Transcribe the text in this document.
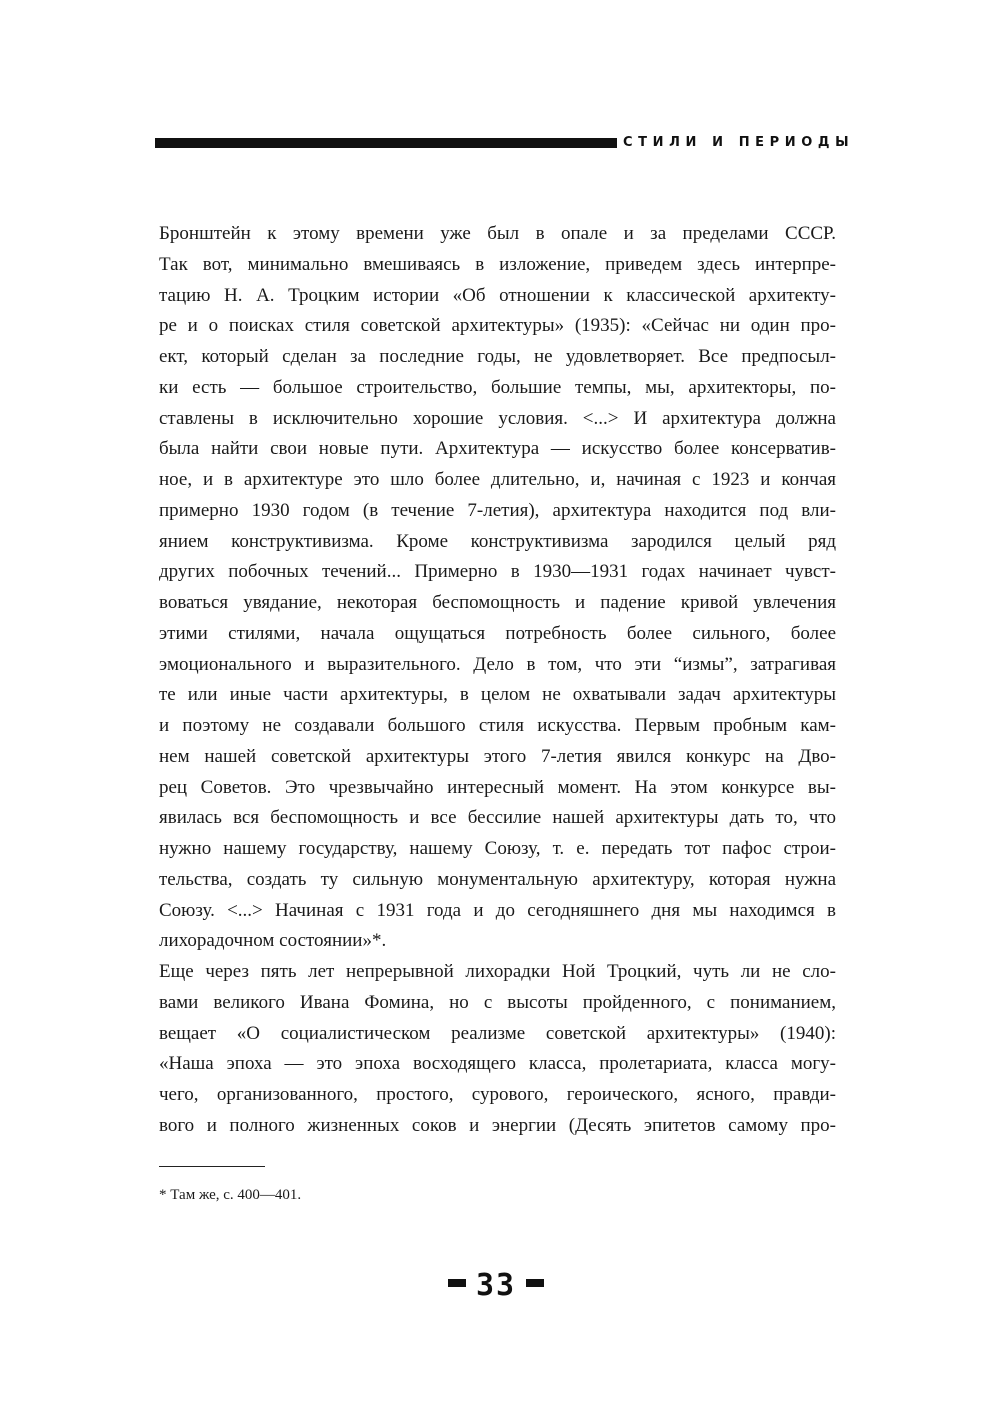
СТИЛИ И ПЕРИОДЫ
Бронштейн к этому времени уже был в опале и за пределами СССР.
Так вот, минимально вмешиваясь в изложение, приведем здесь интерпре-
тацию Н. А. Троцким истории «Об отношении к классической архитекту-
ре и о поисках стиля советской архитектуры» (1935): «Сейчас ни один про-
ект, который сделан за последние годы, не удовлетворяет. Все предпосыл-
ки есть — большое строительство, большие темпы, мы, архитекторы, по-
ставлены в исключительно хорошие условия. <...> И архитектура должна
была найти свои новые пути. Архитектура — искусство более консерватив-
ное, и в архитектуре это шло более длительно, и, начиная с 1923 и кончая
примерно 1930 годом (в течение 7-летия), архитектура находится под вли-
янием конструктивизма. Кроме конструктивизма зародился целый ряд
других побочных течений... Примерно в 1930—1931 годах начинает чувст-
воваться увядание, некоторая беспомощность и падение кривой увлечения
этими стилями, начала ощущаться потребность более сильного, более
эмоционального и выразительного. Дело в том, что эти “измы”, затрагивая
те или иные части архитектуры, в целом не охватывали задач архитектуры
и поэтому не создавали большого стиля искусства. Первым пробным кам-
нем нашей советской архитектуры этого 7-летия явился конкурс на Дво-
рец Советов. Это чрезвычайно интересный момент. На этом конкурсе вы-
явилась вся беспомощность и все бессилие нашей архитектуры дать то, что
нужно нашему государству, нашему Союзу, т. е. передать тот пафос строи-
тельства, создать ту сильную монументальную архитектуру, которая нужна
Союзу. <...> Начиная с 1931 года и до сегодняшнего дня мы находимся в
лихорадочном состоянии»*.
Еще через пять лет непрерывной лихорадки Ной Троцкий, чуть ли не сло-
вами великого Ивана Фомина, но с высоты пройденного, с пониманием,
вещает «О социалистическом реализме советской архитектуры» (1940):
«Наша эпоха — это эпоха восходящего класса, пролетариата, класса могу-
чего, организованного, простого, сурового, героического, ясного, правди-
вого и полного жизненных соков и энергии (Десять эпитетов самому про-
* Там же, с. 400—401.
33
